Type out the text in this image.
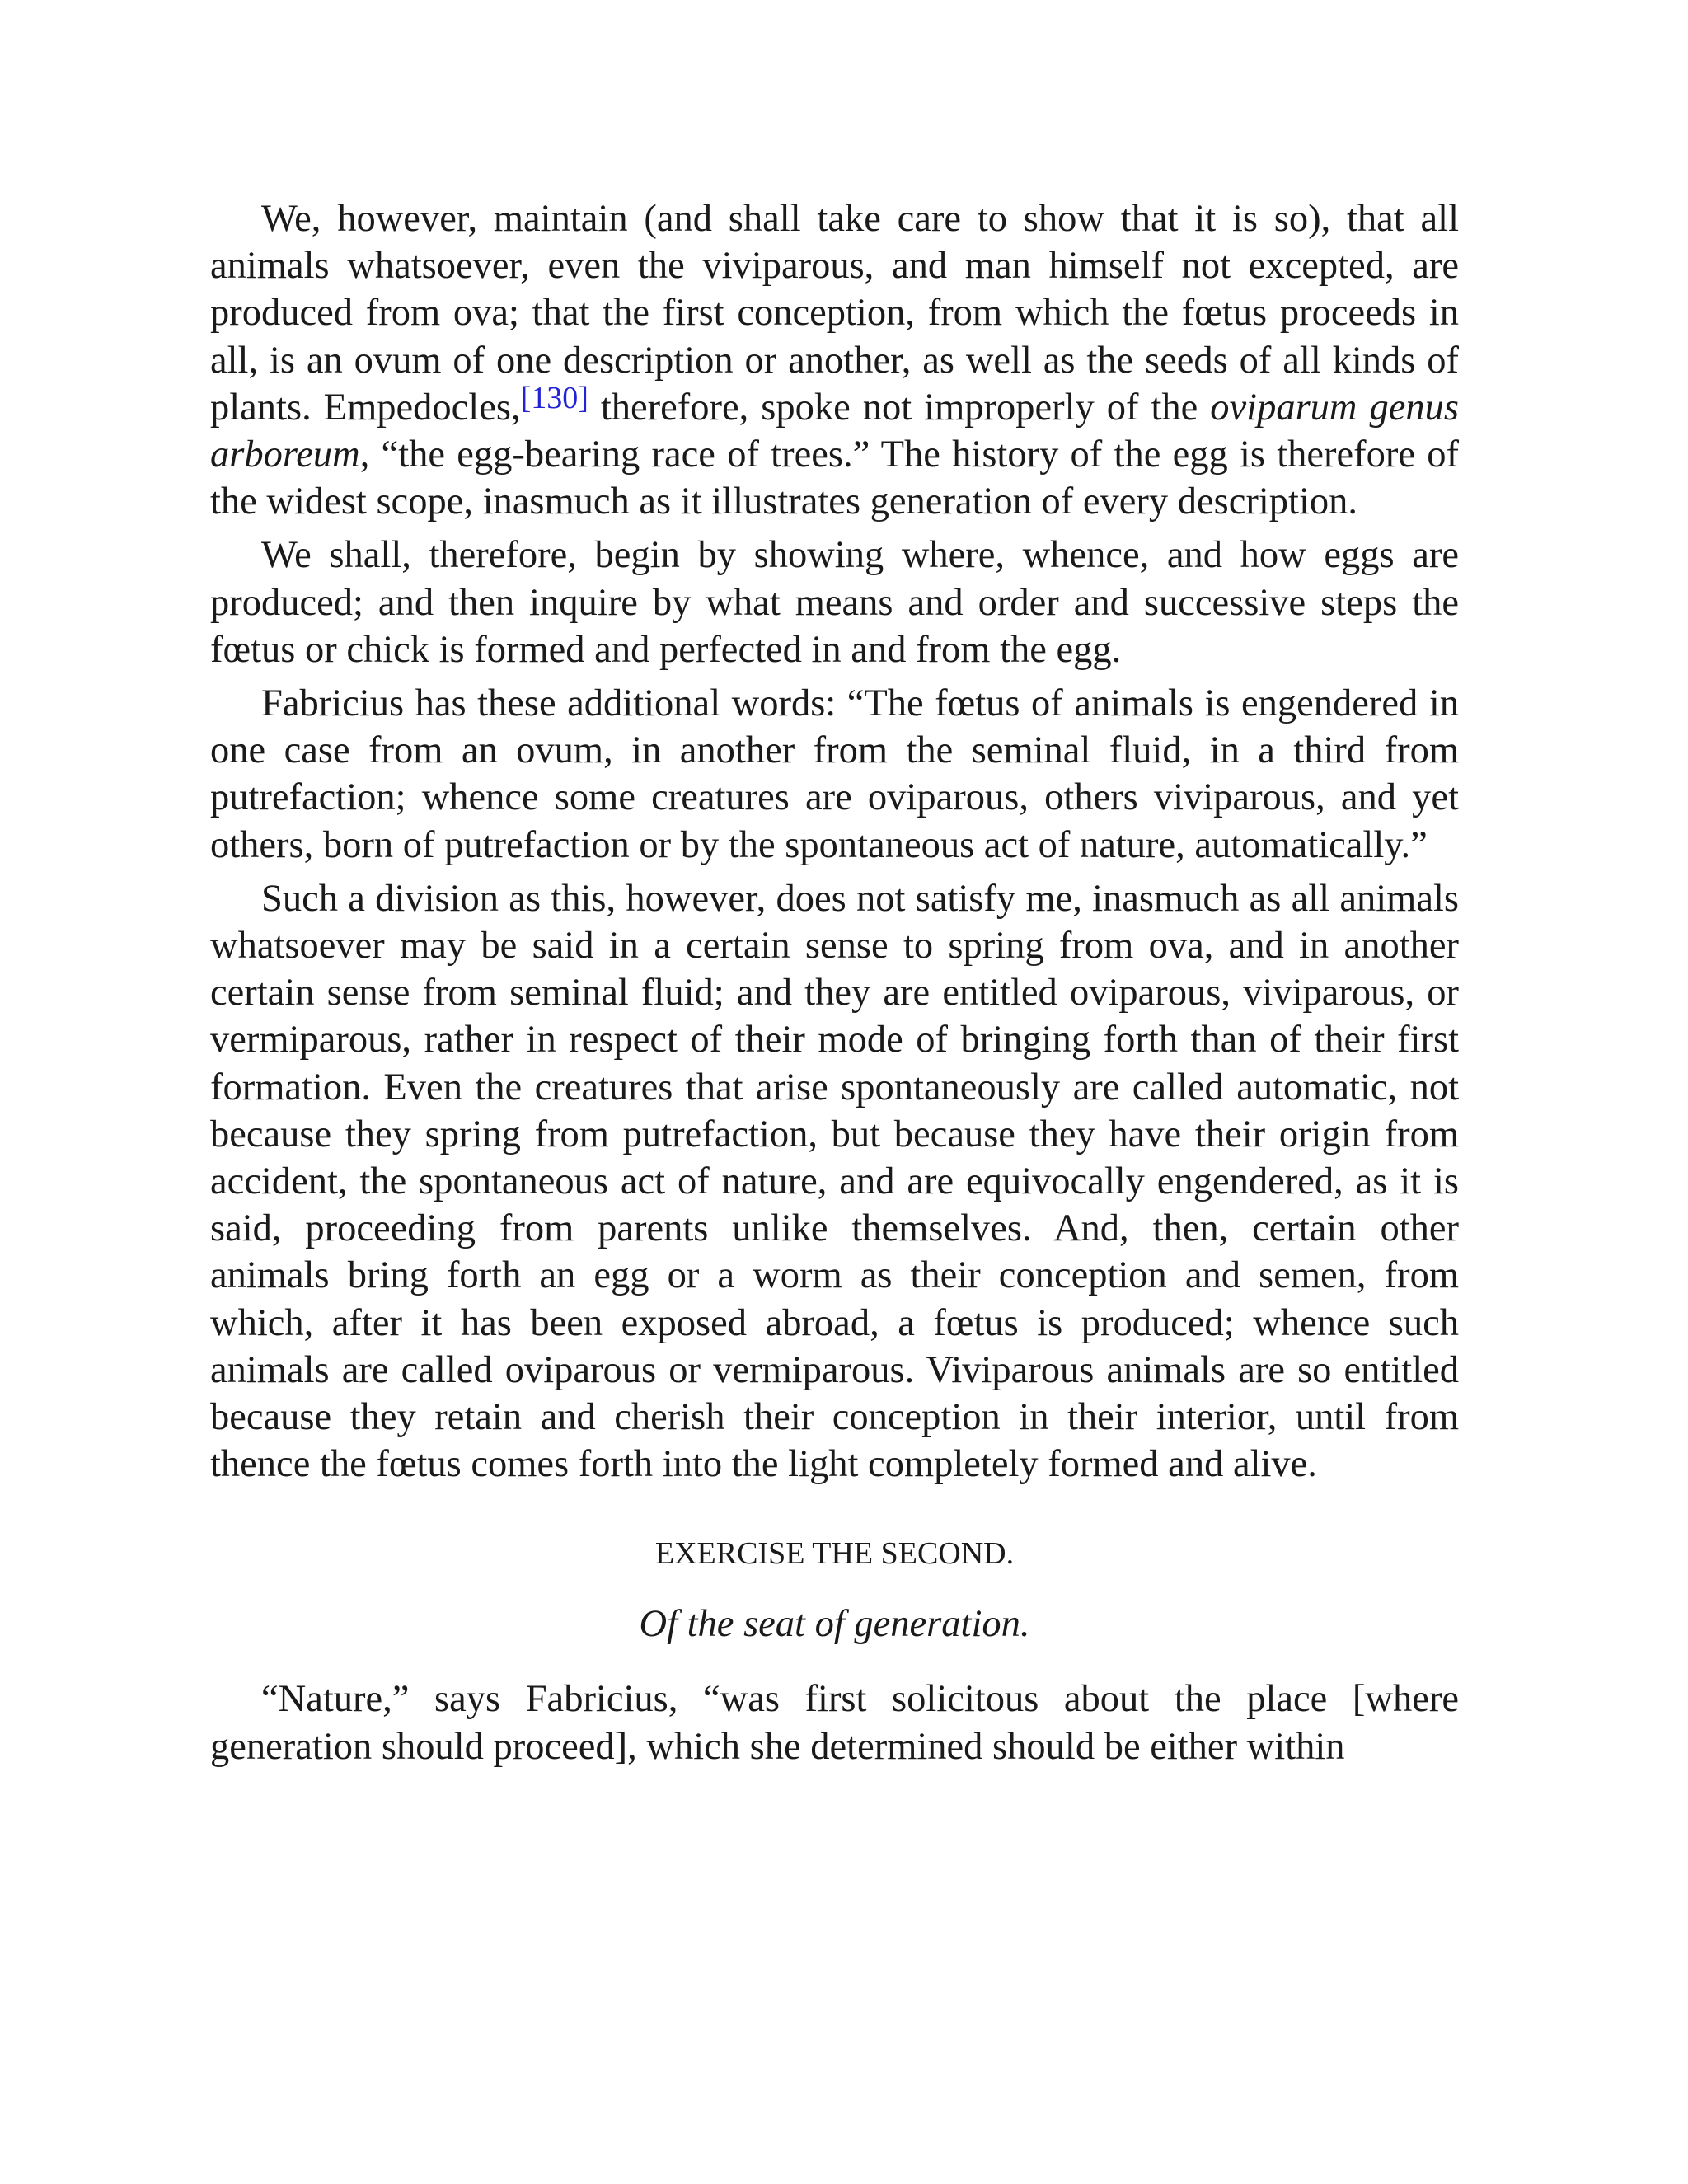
We, however, maintain (and shall take care to show that it is so), that all animals whatsoever, even the viviparous, and man himself not excepted, are produced from ova; that the first conception, from which the fœtus proceeds in all, is an ovum of one description or another, as well as the seeds of all kinds of plants. Empedocles,[130] therefore, spoke not improperly of the oviparum genus arboreum, “the egg-bearing race of trees.” The history of the egg is therefore of the widest scope, inasmuch as it illustrates generation of every description.

We shall, therefore, begin by showing where, whence, and how eggs are produced; and then inquire by what means and order and successive steps the fœtus or chick is formed and perfected in and from the egg.

Fabricius has these additional words: “The fœtus of animals is engendered in one case from an ovum, in another from the seminal fluid, in a third from putrefaction; whence some creatures are oviparous, others viviparous, and yet others, born of putrefaction or by the spontaneous act of nature, automatically.”

Such a division as this, however, does not satisfy me, inasmuch as all animals whatsoever may be said in a certain sense to spring from ova, and in another certain sense from seminal fluid; and they are entitled oviparous, viviparous, or vermiparous, rather in respect of their mode of bringing forth than of their first formation. Even the creatures that arise spontaneously are called automatic, not because they spring from putrefaction, but because they have their origin from accident, the spontaneous act of nature, and are equivocally engendered, as it is said, proceeding from parents unlike themselves. And, then, certain other animals bring forth an egg or a worm as their conception and semen, from which, after it has been exposed abroad, a fœtus is produced; whence such animals are called oviparous or vermiparous. Viviparous animals are so entitled because they retain and cherish their conception in their interior, until from thence the fœtus comes forth into the light completely formed and alive.

EXERCISE THE SECOND.
Of the seat of generation.

“Nature,” says Fabricius, “was first solicitous about the place [where generation should proceed], which she determined should be either within
